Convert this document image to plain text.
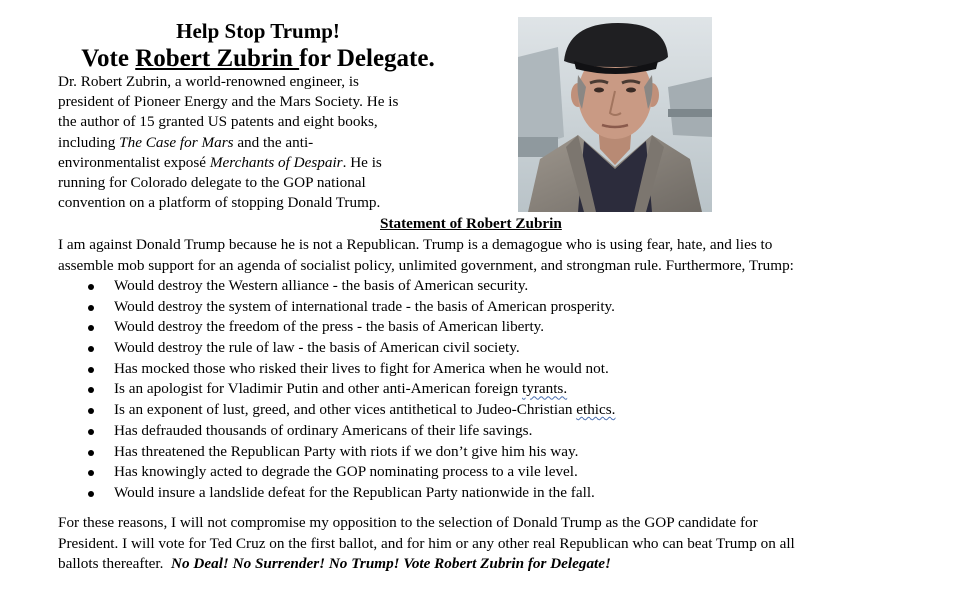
Help Stop Trump!
Vote Robert Zubrin for Delegate.
Dr. Robert Zubrin, a world-renowned engineer, is
president of Pioneer Energy and the Mars Society. He is
the author of 15 granted US patents and eight books,
including The Case for Mars and the anti-
environmentalist exposé Merchants of Despair. He is
running for Colorado delegate to the GOP national
convention on a platform of stopping Donald Trump.
Statement of Robert Zubrin
I am against Donald Trump because he is not a Republican. Trump is a demagogue who is using fear, hate, and lies to
assemble mob support for an agenda of socialist policy, unlimited government, and strongman rule. Furthermore, Trump:
Would destroy the Western alliance - the basis of American security.
Would destroy the system of international trade - the basis of American prosperity.
Would destroy the freedom of the press - the basis of American liberty.
Would destroy the rule of law - the basis of American civil society.
Has mocked those who risked their lives to fight for America when he would not.
Is an apologist for Vladimir Putin and other anti-American foreign tyrants.
Is an exponent of lust, greed, and other vices antithetical to Judeo-Christian ethics.
Has defrauded thousands of ordinary Americans of their life savings.
Has threatened the Republican Party with riots if we don’t give him his way.
Has knowingly acted to degrade the GOP nominating process to a vile level.
Would insure a landslide defeat for the Republican Party nationwide in the fall.
For these reasons, I will not compromise my opposition to the selection of Donald Trump as the GOP candidate for
President. I will vote for Ted Cruz on the first ballot, and for him or any other real Republican who can beat Trump on all
ballots thereafter.  No Deal! No Surrender! No Trump! Vote Robert Zubrin for Delegate!
